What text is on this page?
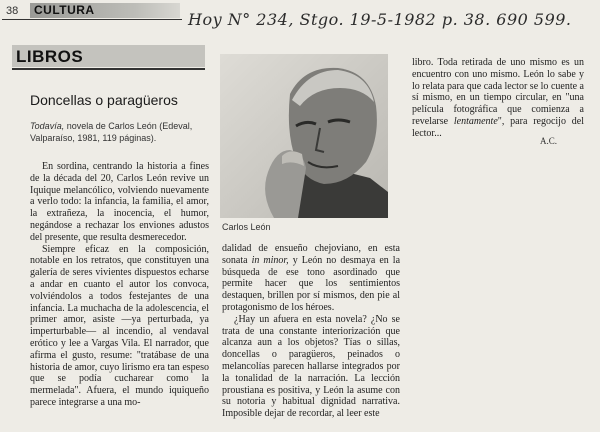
38 CULTURA	Hoy N° 234, Stgo. 19-5-1982 p. 38. 690 599.
LIBROS
Doncellas o paragüeros
Todavía, novela de Carlos León (Edeval, Valparaíso, 1981, 119 páginas).

En sordina, centrando la historia a fines de la década del 20, Carlos León revive un Iquique melancólico, volviendo nuevamente a verlo todo: la infancia, la familia, el amor, la extrañeza, la inocencia, el humor, negándose a rechazar los enviones adustos del presente, que resulta desmerecedor.

Siempre eficaz en la composición, notable en los retratos, que constituyen una galería de seres vivientes dispuestos echarse a andar en cuanto el autor los convoca, volviéndolos a todos festejantes de una infancia. La muchacha de la adolescencia, el primer amor, asiste —ya perturbada, ya imperturbable— al incendio, al vendaval erótico y lee a Vargas Vila. El narrador, que afirma el gusto, resume: "tratábase de una historia de amor, cuyo lirismo era tan espeso que se podía cucharear como la mermelada". Afuera, el mundo iquiqueño parece integrarse a una mo-

Carlos León

dalidad de ensueño chejoviano, en esta sonata in minor, y León no desmaya en la búsqueda de ese tono asordinado que permite hacer que los sentimientos destaquen, brillen por sí mismos, den pie al protagonismo de los héroes.

¿Hay un afuera en esta novela? ¿No se trata de una constante interiorización que alcanza aun a los objetos? Tías o sillas, doncellas o paragüeros, peinados o melancolías parecen hallarse integrados por la tonalidad de la narración. La lección proustiana es positiva, y León la asume con su notoria y habitual dignidad narrativa. Imposible dejar de recordar, al leer este

libro. Toda retirada de uno mismo es un encuentro con uno mismo. León lo sabe y lo relata para que cada lector se lo cuente a sí mismo, en un tiempo circular, en "una película fotográfica que comienza a revelarse lentamente", para regocijo del lector...

A.C.
